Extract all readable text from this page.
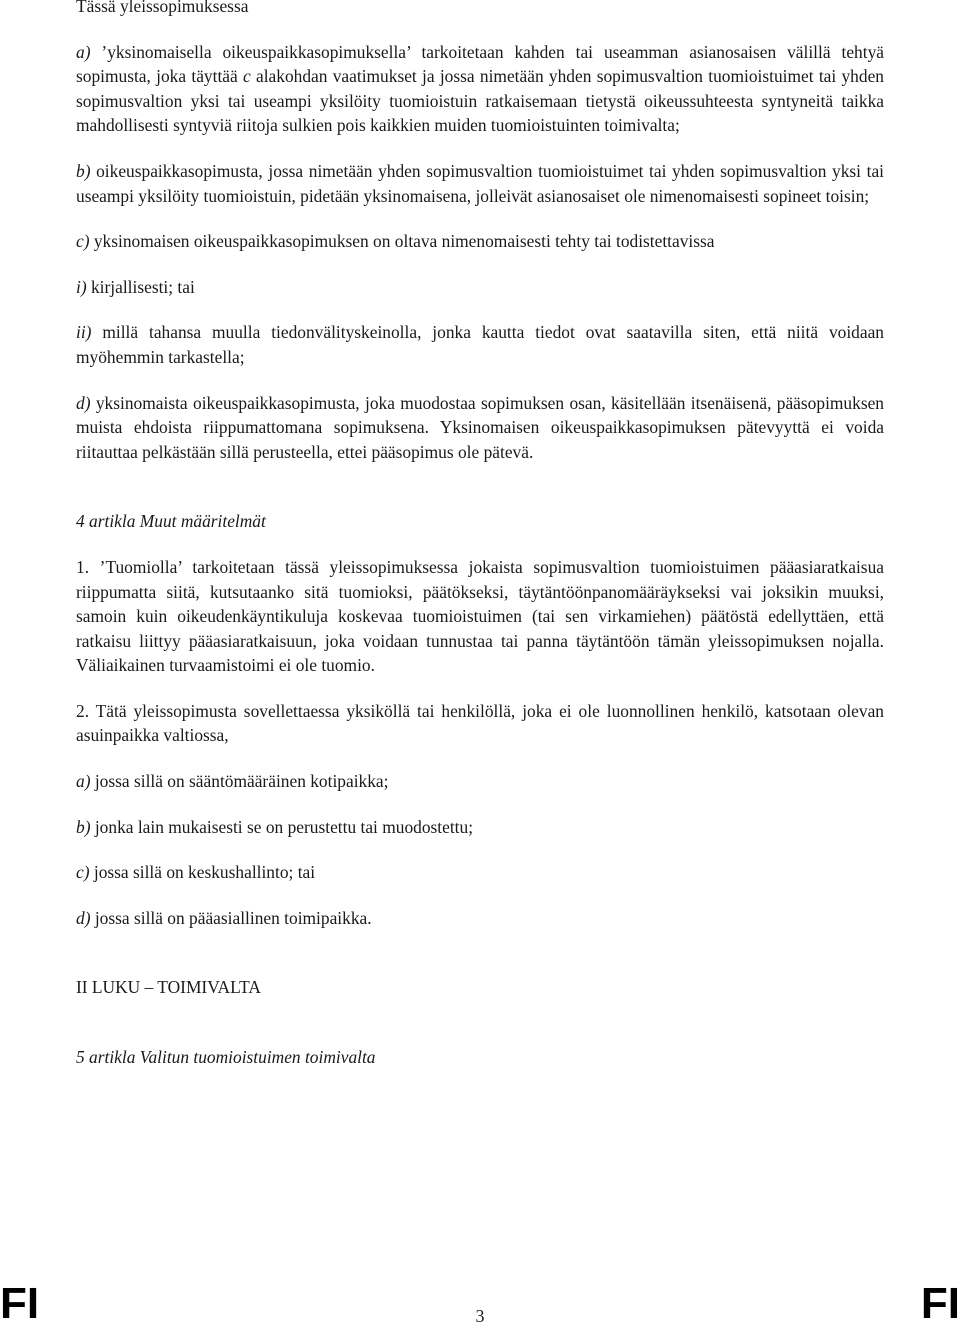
Tässä yleissopimuksessa

a) ’yksinomaisella oikeuspaikkasopimuksella’ tarkoitetaan kahden tai useamman asianosaisen välillä tehtyä sopimusta, joka täyttää c alakohdan vaatimukset ja jossa nimetään yhden sopimusvaltion tuomioistuimet tai yhden sopimusvaltion yksi tai useampi yksilöity tuomioistuin ratkaisemaan tietystä oikeussuhteesta syntyneitä taikka mahdollisesti syntyviä riitoja sulkien pois kaikkien muiden tuomioistuinten toimivalta;

b) oikeuspaikkasopimusta, jossa nimetään yhden sopimusvaltion tuomioistuimet tai yhden sopimusvaltion yksi tai useampi yksilöity tuomioistuin, pidetään yksinomaisena, jolleivät asianosaiset ole nimenomaisesti sopineet toisin;

c) yksinomaisen oikeuspaikkasopimuksen on oltava nimenomaisesti tehty tai todistettavissa

i) kirjallisesti; tai

ii) millä tahansa muulla tiedonvälityskeinolla, jonka kautta tiedot ovat saatavilla siten, että niitä voidaan myöhemmin tarkastella;

d) yksinomaista oikeuspaikkasopimusta, joka muodostaa sopimuksen osan, käsitellään itsenäisenä, pääsopimuksen muista ehdoista riippumattomana sopimuksena. Yksinomaisen oikeuspaikkasopimuksen pätevyyttä ei voida riitauttaa pelkästään sillä perusteella, ettei pääsopimus ole pätevä.

4 artikla Muut määritelmät

1. ’Tuomiolla’ tarkoitetaan tässä yleissopimuksessa jokaista sopimusvaltion tuomioistuimen pääasiaratkaisua riippumatta siitä, kutsutaanko sitä tuomioksi, päätökseksi, täytäntöönpanomääräykseksi vai joksikin muuksi, samoin kuin oikeudenkäyntikuluja koskevaa tuomioistuimen (tai sen virkamiehen) päätöstä edellyttäen, että ratkaisu liittyy pääasiaratkaisuun, joka voidaan tunnustaa tai panna täytäntöön tämän yleissopimuksen nojalla. Väliaikainen turvaamistoimi ei ole tuomio.

2. Tätä yleissopimusta sovellettaessa yksiköllä tai henkilöllä, joka ei ole luonnollinen henkilö, katsotaan olevan asuinpaikka valtiossa,

a) jossa sillä on sääntömääräinen kotipaikka;

b) jonka lain mukaisesti se on perustettu tai muodostettu;

c) jossa sillä on keskushallinto; tai

d) jossa sillä on pääasiallinen toimipaikka.

II LUKU – TOIMIVALTA

5 artikla Valitun tuomioistuimen toimivalta

FI	3	FI
